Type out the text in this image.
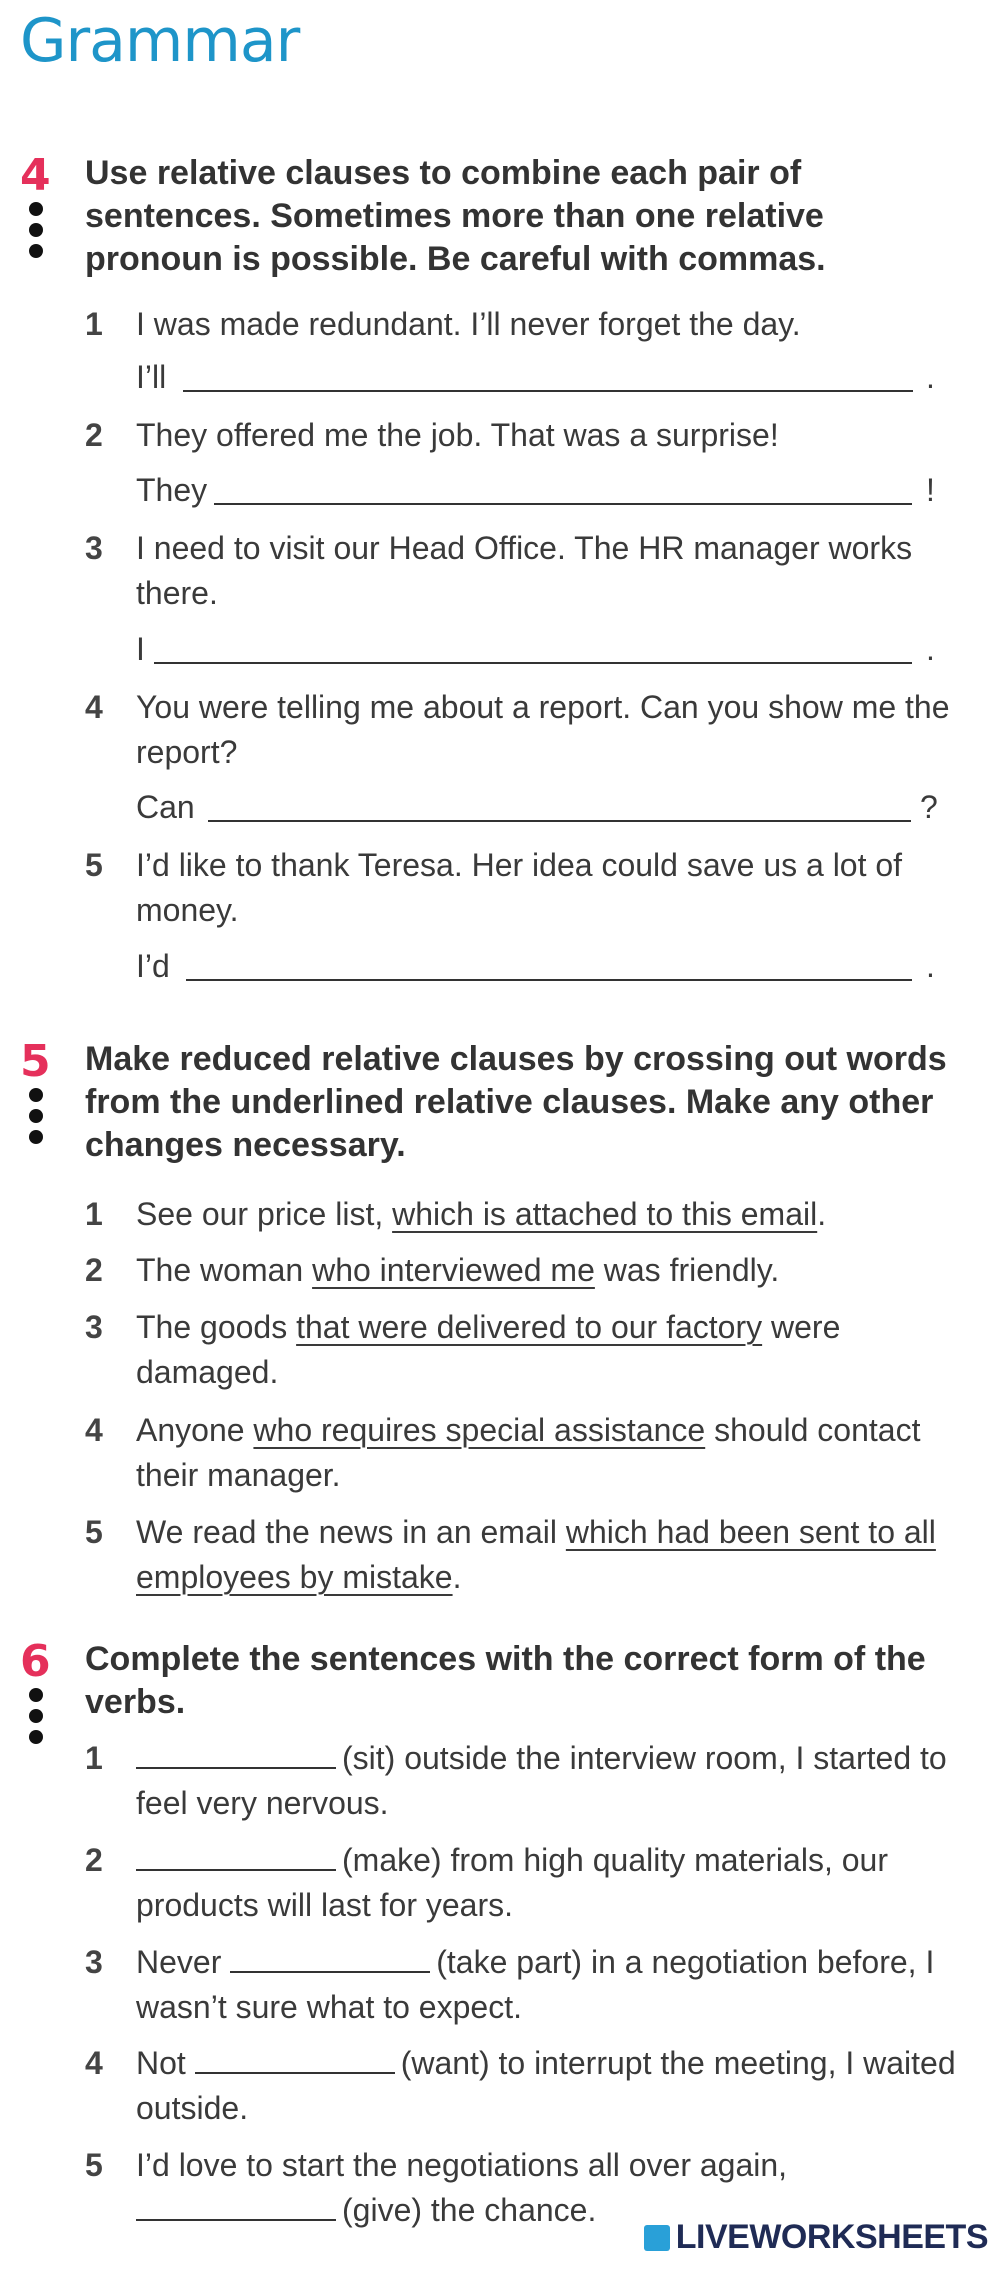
Grammar
4 Use relative clauses to combine each pair of sentences. Sometimes more than one relative pronoun is possible. Be careful with commas.
1 I was made redundant. I’ll never forget the day.
I’ll	.
2 They offered me the job. That was a surprise!
They	!
3 I need to visit our Head Office. The HR manager works there.
I	.
4 You were telling me about a report. Can you show me the report?
Can	?
5 I’d like to thank Teresa. Her idea could save us a lot of money.
I’d	.
5 Make reduced relative clauses by crossing out words from the underlined relative clauses. Make any other changes necessary.
1 See our price list, which is attached to this email.
2 The woman who interviewed me was friendly.
3 The goods that were delivered to our factory were damaged.
4 Anyone who requires special assistance should contact their manager.
5 We read the news in an email which had been sent to all employees by mistake.
6 Complete the sentences with the correct form of the verbs.
1	(sit) outside the interview room, I started to feel very nervous.
2	(make) from high quality materials, our products will last for years.
3 Never	(take part) in a negotiation before, I wasn’t sure what to expect.
4 Not	(want) to interrupt the meeting, I waited outside.
5 I’d love to start the negotiations all over again, (give) the chance.
LIVEWORKSHEETS
